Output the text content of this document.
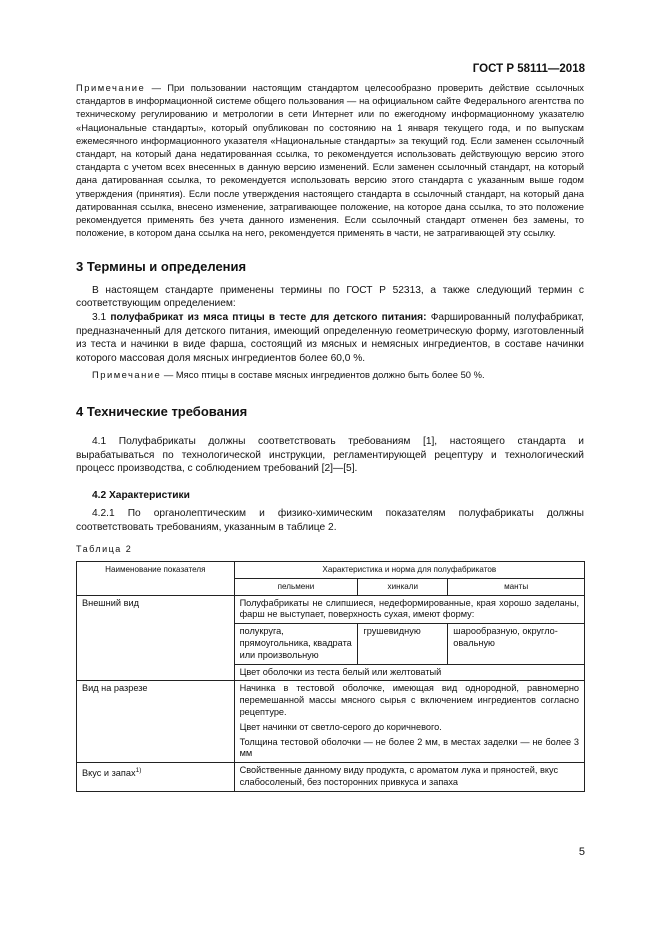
ГОСТ Р 58111—2018
Примечание — При пользовании настоящим стандартом целесообразно проверить действие ссылочных стандартов в информационной системе общего пользования — на официальном сайте Федерального агентства по техническому регулированию и метрологии в сети Интернет или по ежегодному информационному указателю «Национальные стандарты», который опубликован по состоянию на 1 января текущего года, и по выпускам ежемесячного информационного указателя «Национальные стандарты» за текущий год. Если заменен ссылочный стандарт, на который дана недатированная ссылка, то рекомендуется использовать действующую версию этого стандарта с учетом всех внесенных в данную версию изменений. Если заменен ссылочный стандарт, на который дана датированная ссылка, то рекомендуется использовать версию этого стандарта с указанным выше годом утверждения (принятия). Если после утверждения настоящего стандарта в ссылочный стандарт, на который дана датированная ссылка, внесено изменение, затрагивающее положение, на которое дана ссылка, то это положение рекомендуется применять без учета данного изменения. Если ссылочный стандарт отменен без замены, то положение, в котором дана ссылка на него, рекомендуется применять в части, не затрагивающей эту ссылку.
3 Термины и определения
В настоящем стандарте применены термины по ГОСТ Р 52313, а также следующий термин с соответствующим определением:
3.1 полуфабрикат из мяса птицы в тесте для детского питания: Фаршированный полуфабрикат, предназначенный для детского питания, имеющий определенную геометрическую форму, изготовленный из теста и начинки в виде фарша, состоящий из мясных и немясных ингредиентов, в составе начинки которого массовая доля мясных ингредиентов более 60,0 %.
Примечание — Мясо птицы в составе мясных ингредиентов должно быть более 50 %.
4 Технические требования
4.1 Полуфабрикаты должны соответствовать требованиям [1], настоящего стандарта и вырабатываться по технологической инструкции, регламентирующей рецептуру и технологический процесс производства, с соблюдением требований [2]—[5].
4.2 Характеристики
4.2.1 По органолептическим и физико-химическим показателям полуфабрикаты должны соответствовать требованиям, указанным в таблице 2.
Таблица 2
Наименование показателя	Характеристика и норма для полуфабрикатов		
	пельмени	хинкали	манты
Внешний вид	Полуфабрикаты не слипшиеся, недеформированные, края хорошо заделаны, фарш не выступает, поверхность сухая, имеют форму:		

	полукруга, прямоугольника, квадрата или произвольную	грушевидную	шарообразную, округло-овальную
	Цвет оболочки из теста белый или желтоватый		
Вид на разрезе	Начинка в тестовой оболочке, имеющая вид однородной, равномерно перемешанной массы мясного сырья с включением ингредиентов согласно рецептуре.

Цвет начинки от светло-серого до коричневого.

Толщина тестовой оболочки — не более 2 мм, в местах заделки — не более 3 мм		

Вкус и запах$^{1)}$	Свойственные данному виду продукта, с ароматом лука и пряностей, вкус слабосоленый, без посторонних привкуса и запаха		
5
